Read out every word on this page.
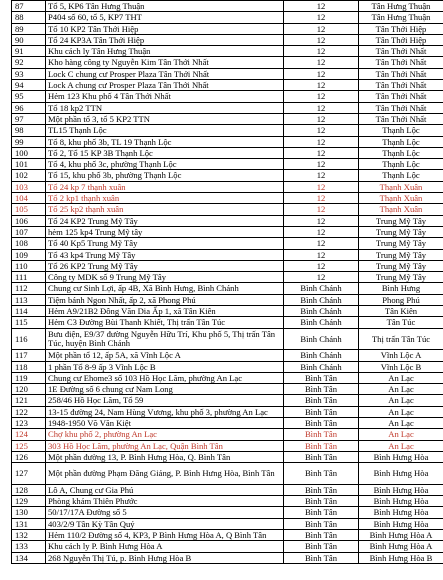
87	Tổ 5, KP6 Tân Hưng Thuận	12	Tân Hưng Thuận
88	P404 số 60, tổ 5, KP7 THT	12	Tân Hưng Thuận
89	Tổ 10 KP2 Tân Thới Hiệp	12	Tân Thới Hiệp
90	Tổ 24 KP3A Tân Thới Hiệp	12	Tân Thới Hiệp
91	Khu cách ly Tân Hưng Thuận	12	Tân Thới Nhất
92	Kho hàng công ty Nguyễn Kim Tân Thới Nhất	12	Tân Thới Nhất
93	Lock C chung cư Prosper Plaza Tân Thới Nhất	12	Tân Thới Nhất
94	Lock A chung cư Prosper Plaza Tân Thới Nhất	12	Tân Thới Nhất
95	Hẻm 123 Khu phố 4 Tân Thới Nhất	12	Tân Thới Nhất
96	Tổ 18 kp2 TTN	12	Tân Thới Nhất
97	Một phần tổ 3, tổ 5 KP2 TTN	12	Tân Thới Nhất
98	TL15 Thạnh Lộc	12	Thạnh Lộc
99	Tổ 8, khu phố 3b, TL 19 Thạnh Lộc	12	Thạnh Lộc
100	Tổ 2, Tổ 15 KP 3B Thạnh Lộc	12	Thạnh Lộc
101	Tổ 4, khu phố 3c, phường Thạnh Lộc	12	Thạnh Lộc
102	Tổ 15, khu phố 3b, phường Thạnh Lộc	12	Thạnh Lộc
103	Tổ 24 kp 7 thạnh xuân	12	Thạnh Xuân
104	Tổ 2 kp1 thạnh xuân	12	Thạnh Xuân
105	Tổ 25 kp2 thạnh xuân	12	Thạnh Xuân
106	Tổ 24 KP2 Trung Mỹ Tây	12	Trung Mỹ Tây
107	hẻm 125 kp4 Trung Mỹ tây	12	Trung Mỹ Tây
108	Tổ 40 Kp5 Trung Mỹ Tây	12	Trung Mỹ Tây
109	Tổ 43 kp4 Trung Mỹ Tây	12	Trung Mỹ Tây
110	Tổ 26 KP2 Trung Mỹ Tây	12	Trung Mỹ Tây
111	Công ty MDK số 9 Trung Mỹ Tây	12	Trung Mỹ Tây
112	Chung cư Sinh Lợi, ấp 4B, Xã Bình Hưng, Bình Chánh	Bình Chánh	Bình Hưng
113	Tiệm bánh Ngon Nhất, ấp 2, xã Phong Phú	Bình Chánh	Phong Phú
114	Hẻm A9/21B2 Đông Văn Dia Ấp 1, xã Tân Kiên	Bình Chánh	Tân Kiên
115	Hẻm C3 Đường Bùi Thanh Khiết, Thị trấn Tân Túc	Bình Chánh	Tân Túc
116	Bưu điện, E9/37 đường Nguyễn Hữu Trí, Khu phố 5, Thị trấn Tân Túc, huyện Bình Chánh	Bình Chánh	Thị trấn Tân Túc
117	Một phần tổ 12, ấp 5A, xã Vĩnh Lộc A	Bình Chánh	Vĩnh Lộc A
118	1 phần Tổ 8-9 ấp 3 Vĩnh Lộc B	Bình Chánh	Vĩnh Lộc B
119	Chung cư Ehome3 số 103 Hồ Học Lãm, phường An Lạc	Bình Tân	An Lạc
120	1E Đường số 6 chung cư Nam Long	Bình Tân	An Lạc
121	258/46 Hồ Học Lãm, Tổ 59	Bình Tân	An Lạc
122	13-15 đường 24, Nam Hùng Vương, khu phố 3, phường An Lạc	Bình Tân	An Lạc
123	1948-1950 Võ Văn Kiệt	Bình Tân	An Lạc
124	Chợ khu phố 2, phường An Lạc	Bình Tân	An Lạc
125	303 Hồ Học Lãm, phường An Lạc, Quận Bình Tân	Bình Tân	An Lạc
126	Một phần đường 13, P. Bình Hưng Hòa, Q. Bình Tân	Bình Tân	Bình Hưng Hòa
127	Một phần đường Phạm Đăng Giảng, P. Bình Hưng Hòa, Bình Tân	Bình Tân	Bình Hưng Hòa
128	Lô A, Chung cư Gia Phú	Bình Tân	Bình Hưng Hòa
129	Phòng khám Thiên Phước	Bình Tân	Bình Hưng Hòa
130	50/17/17A Đường số 5	Bình Tân	Bình Hưng Hòa
131	403/2/9 Tân Kỳ Tân Quý	Bình Tân	Bình Hưng Hòa
132	Hẻm 110/2 Đường số 4, KP3, P Bình Hưng Hòa A, Q Bình Tân	Bình Tân	Bình Hưng Hòa A
133	Khu cách ly P. Bình Hưng Hòa A	Bình Tân	Bình Hưng Hòa A
134	268 Nguyễn Thị Tú, p. Bình Hưng Hòa B	Bình Tân	Bình Hưng Hòa B
